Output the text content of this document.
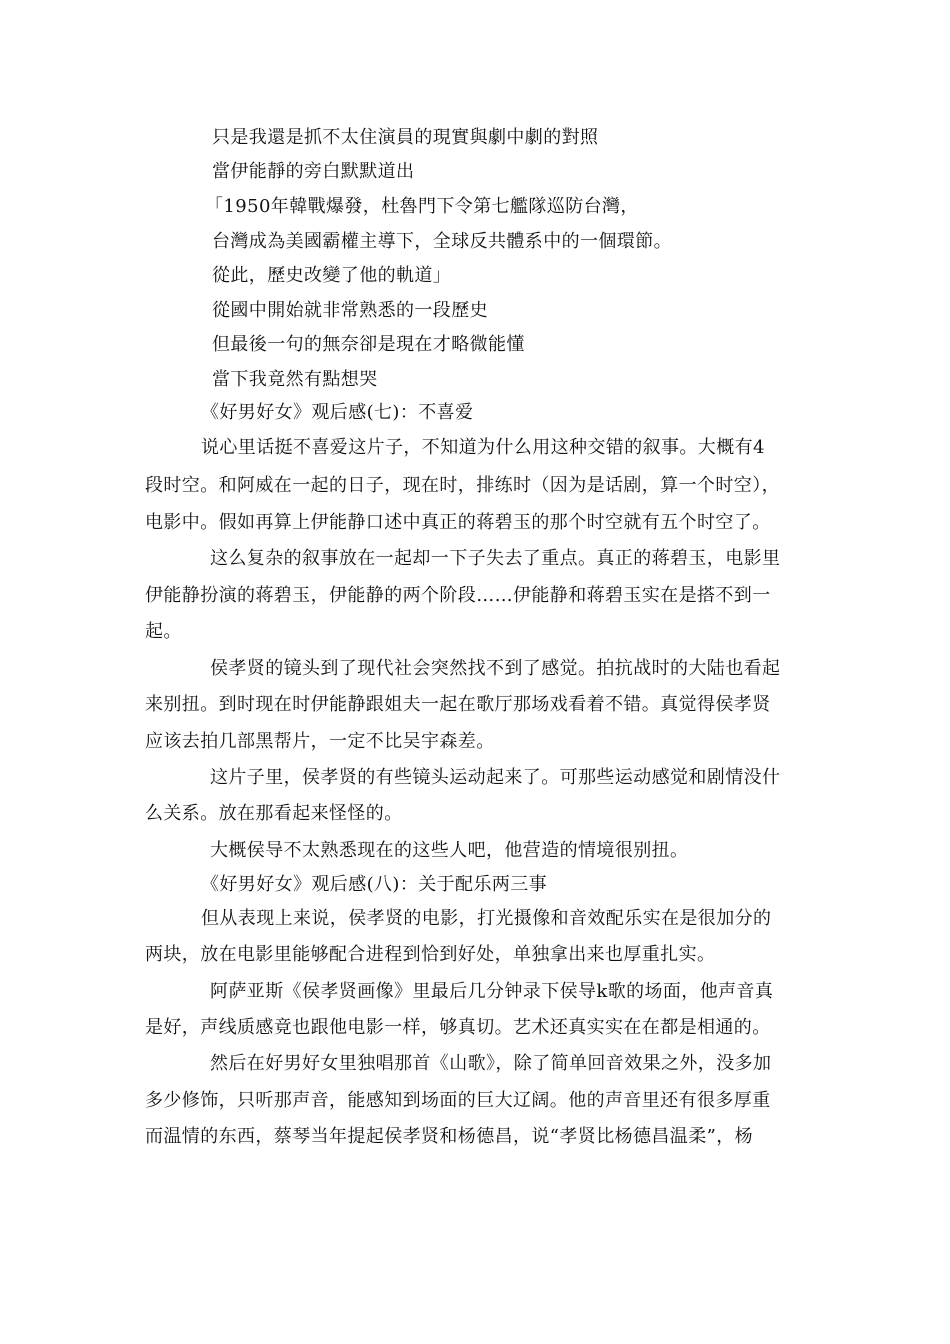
只是我還是抓不太住演員的現實與劇中劇的對照

當伊能靜的旁白默默道出

「1950年韓戰爆發，杜魯門下令第七艦隊巡防台灣，

台灣成為美國霸權主導下，全球反共體系中的一個環節。

從此，歷史改變了他的軌道」

從國中開始就非常熟悉的一段歷史

但最後一句的無奈卻是現在才略微能懂

當下我竟然有點想哭

《好男好女》观后感(七)：不喜爱

说心里话挺不喜爱这片子，不知道为什么用这种交错的叙事。大概有4

段时空。和阿威在一起的日子，现在时，排练时（因为是话剧，算一个时空），

电影中。假如再算上伊能静口述中真正的蒋碧玉的那个时空就有五个时空了。

这么复杂的叙事放在一起却一下子失去了重点。真正的蒋碧玉，电影里

伊能静扮演的蒋碧玉，伊能静的两个阶段……伊能静和蒋碧玉实在是搭不到一

起。

侯孝贤的镜头到了现代社会突然找不到了感觉。拍抗战时的大陆也看起

来别扭。到时现在时伊能静跟姐夫一起在歌厅那场戏看着不错。真觉得侯孝贤

应该去拍几部黑帮片，一定不比吴宇森差。

这片子里，侯孝贤的有些镜头运动起来了。可那些运动感觉和剧情没什

么关系。放在那看起来怪怪的。

大概侯导不太熟悉现在的这些人吧，他营造的情境很别扭。

《好男好女》观后感(八)：关于配乐两三事

但从表现上来说，侯孝贤的电影，打光摄像和音效配乐实在是很加分的

两块，放在电影里能够配合进程到恰到好处，单独拿出来也厚重扎实。

阿萨亚斯《侯孝贤画像》里最后几分钟录下侯导k歌的场面，他声音真

是好，声线质感竟也跟他电影一样，够真切。艺术还真实实在在都是相通的。

然后在好男好女里独唱那首《山歌》，除了简单回音效果之外，没多加

多少修饰，只听那声音，能感知到场面的巨大辽阔。他的声音里还有很多厚重

而温情的东西，蔡琴当年提起侯孝贤和杨德昌，说“孝贤比杨德昌温柔”，杨
